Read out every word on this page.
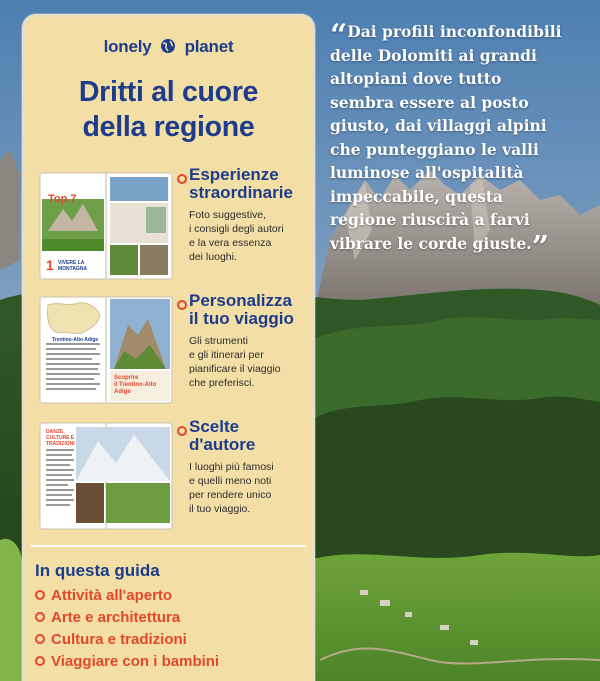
“Dai profili inconfondibili
delle Dolomiti ai grandi
altopiani dove tutto
sembra essere al posto
giusto, dai villaggi alpini
che punteggiano le valli
luminose all'ospitalità
impeccabile, questa
regione riuscirà a farvi
vibrare le corde giuste.”
lonely planet
Dritti al cuore
della regione
Top 7
1 VIVERE LA
MONTAGNA
Esperienze
straordinarie
Foto suggestive,
i consigli degli autori
e la vera essenza
dei luoghi.
Trentino-Alto Adige
Scoprire
il Trentino-Alto
Adige
Personalizza
il tuo viaggio
Gli strumenti
e gli itinerari per
pianificare il viaggio
che preferisci.
DANZE,
CULTURE E
TRADIZIONI
Scelte
d'autore
I luoghi più famosi
e quelli meno noti
per rendere unico
il tuo viaggio.
In questa guida
Attività all'aperto
Arte e architettura
Cultura e tradizioni
Viaggiare con i bambini
